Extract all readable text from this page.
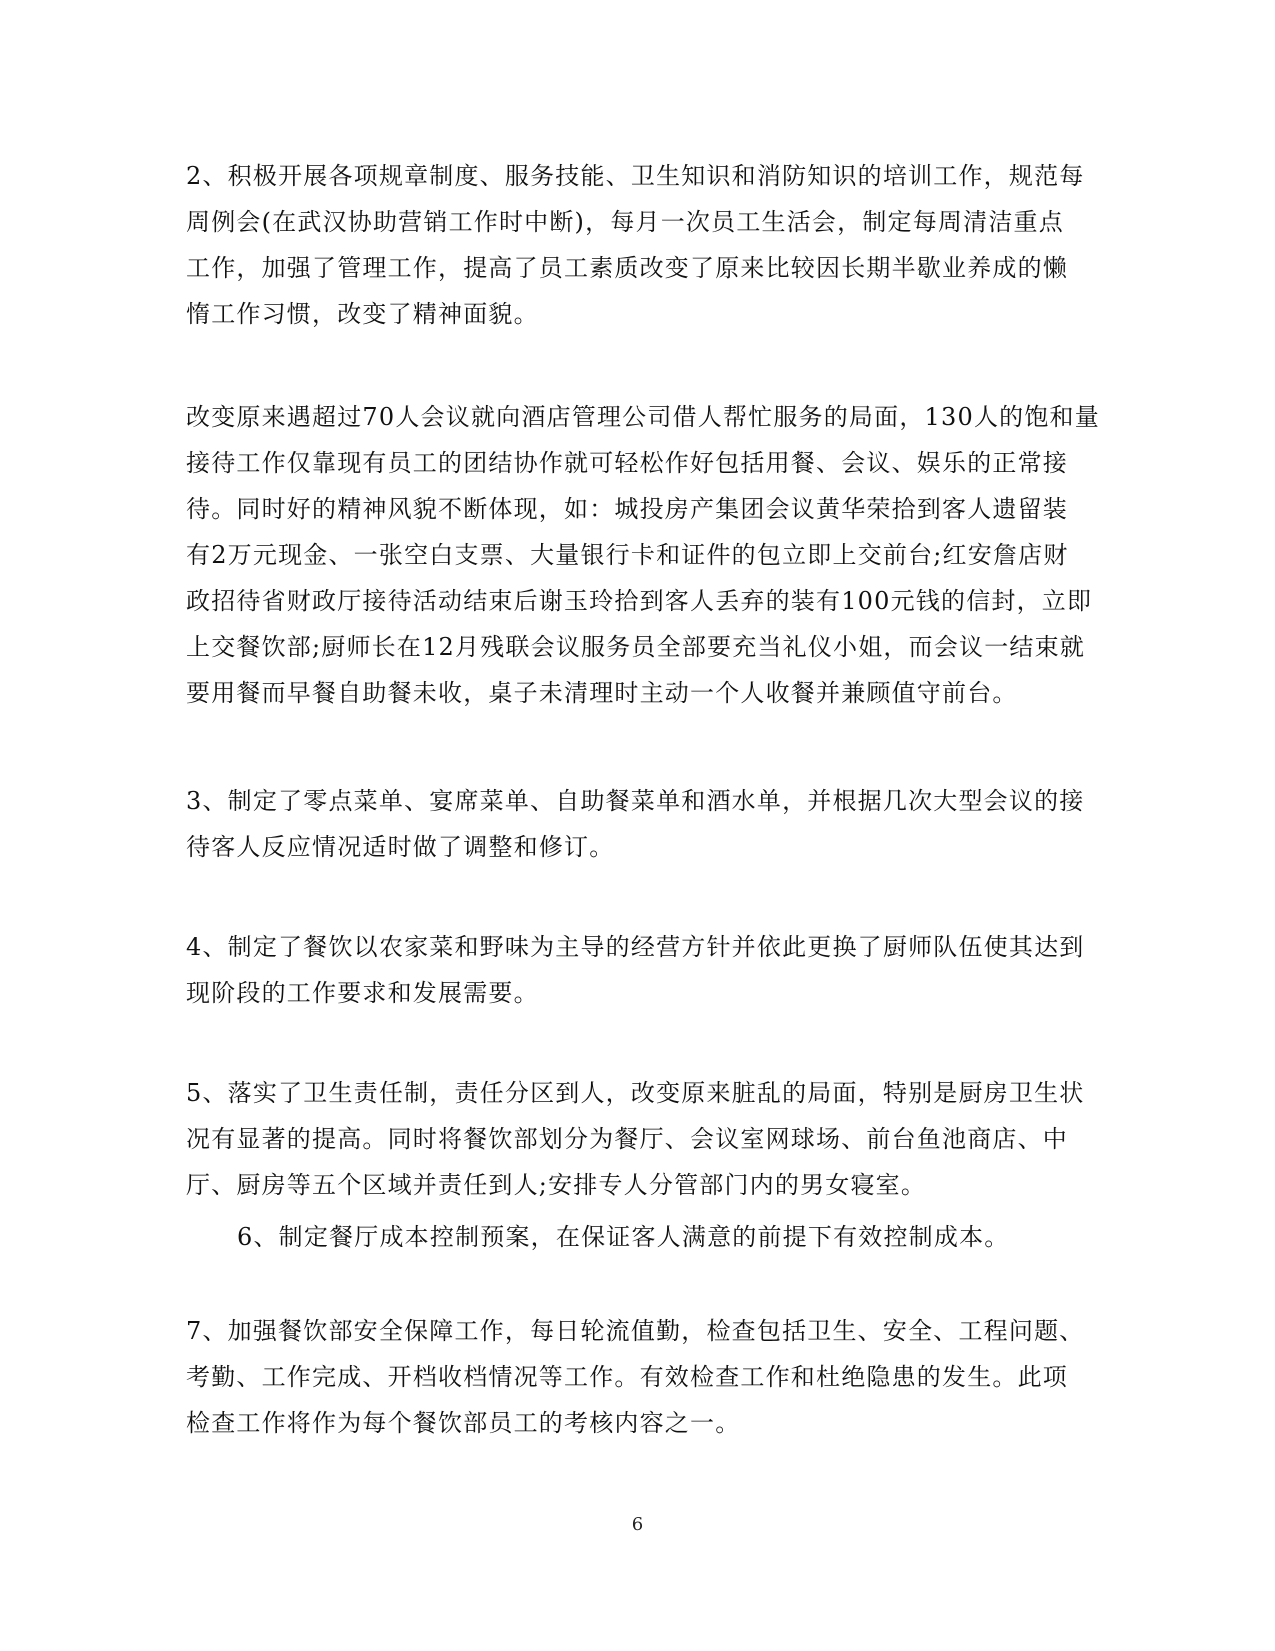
2、积极开展各项规章制度、服务技能、卫生知识和消防知识的培训工作，规范每
周例会(在武汉协助营销工作时中断)，每月一次员工生活会，制定每周清洁重点
工作，加强了管理工作，提高了员工素质改变了原来比较因长期半歇业养成的懒
惰工作习惯，改变了精神面貌。

改变原来遇超过70人会议就向酒店管理公司借人帮忙服务的局面，130人的饱和量
接待工作仅靠现有员工的团结协作就可轻松作好包括用餐、会议、娱乐的正常接
待。同时好的精神风貌不断体现，如：城投房产集团会议黄华荣拾到客人遗留装
有2万元现金、一张空白支票、大量银行卡和证件的包立即上交前台;红安詹店财
政招待省财政厅接待活动结束后谢玉玲拾到客人丢弃的装有100元钱的信封，立即
上交餐饮部;厨师长在12月残联会议服务员全部要充当礼仪小姐，而会议一结束就
要用餐而早餐自助餐未收，桌子未清理时主动一个人收餐并兼顾值守前台。

3、制定了零点菜单、宴席菜单、自助餐菜单和酒水单，并根据几次大型会议的接
待客人反应情况适时做了调整和修订。

4、制定了餐饮以农家菜和野味为主导的经营方针并依此更换了厨师队伍使其达到
现阶段的工作要求和发展需要。

5、落实了卫生责任制，责任分区到人，改变原来脏乱的局面，特别是厨房卫生状
况有显著的提高。同时将餐饮部划分为餐厅、会议室网球场、前台鱼池商店、中
厅、厨房等五个区域并责任到人;安排专人分管部门内的男女寝室。

6、制定餐厅成本控制预案，在保证客人满意的前提下有效控制成本。

7、加强餐饮部安全保障工作，每日轮流值勤，检查包括卫生、安全、工程问题、
考勤、工作完成、开档收档情况等工作。有效检查工作和杜绝隐患的发生。此项
检查工作将作为每个餐饮部员工的考核内容之一。

6
